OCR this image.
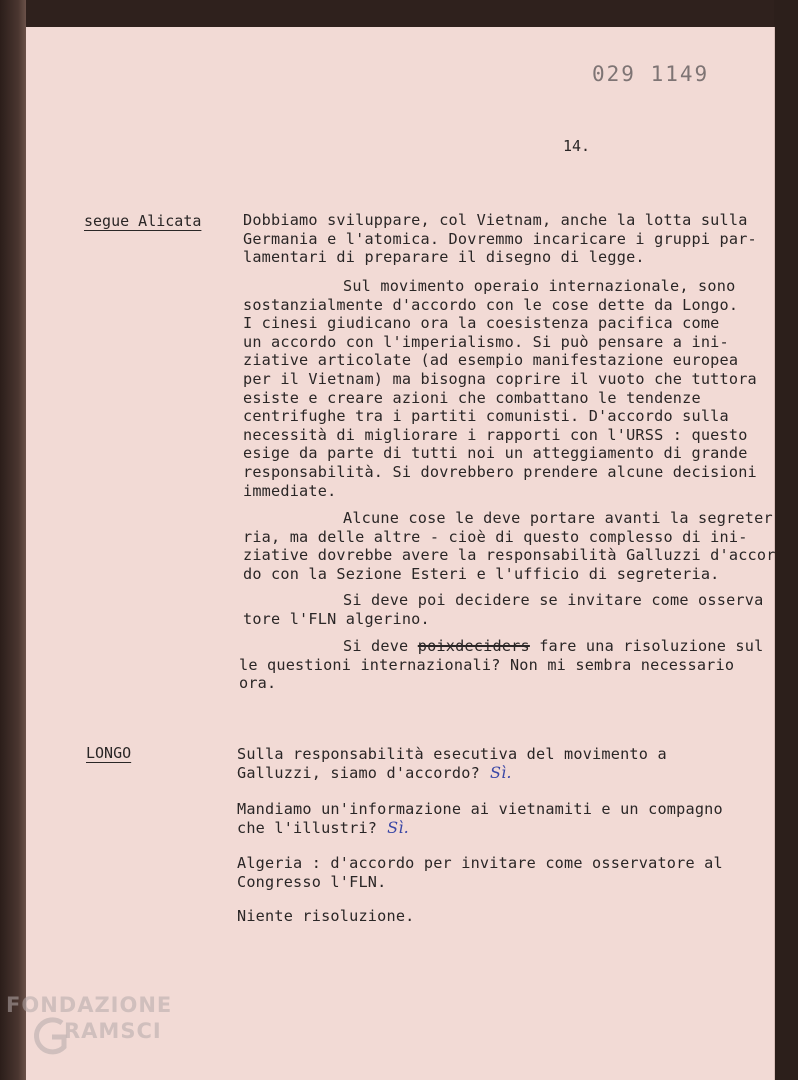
029 1149
14.
segue Alicata	Dobbiamo sviluppare, col Vietnam, anche la lotta sulla
Germania e l'atomica. Dovremmo incaricare i gruppi par-
lamentari di preparare il disegno di legge.
Sul movimento operaio internazionale, sono
sostanzialmente d'accordo con le cose dette da Longo.
I cinesi giudicano ora la coesistenza pacifica come
un accordo con l'imperialismo. Si può pensare a ini-
ziative articolate (ad esempio manifestazione europea
per il Vietnam) ma bisogna coprire il vuoto che tuttora
esiste e creare azioni che combattano le tendenze
centrifughe tra i partiti comunisti. D'accordo sulla
necessità di migliorare i rapporti con l'URSS : questo
esige da parte di tutti noi un atteggiamento di grande
responsabilità. Si dovrebbero prendere alcune decisioni
immediate.
Alcune cose le deve portare avanti la segreter
ria, ma delle altre - cioè di questo complesso di ini-
ziative dovrebbe avere la responsabilità Galluzzi d'accor
do con la Sezione Esteri e l'ufficio di segreteria.
Si deve poi decidere se invitare come osserva
tore l'FLN algerino.
Si deve poixdeciders fare una risoluzione sul
le questioni internazionali? Non mi sembra necessario
ora.
LONGO	Sulla responsabilità esecutiva del movimento a
Galluzzi, siamo d'accordo? Sì.
Mandiamo un'informazione ai vietnamiti e un compagno
che l'illustri? Sì.
Algeria : d'accordo per invitare come osservatore al
Congresso l'FLN.
Niente risoluzione.
FONDAZIONE
RAMSCI
